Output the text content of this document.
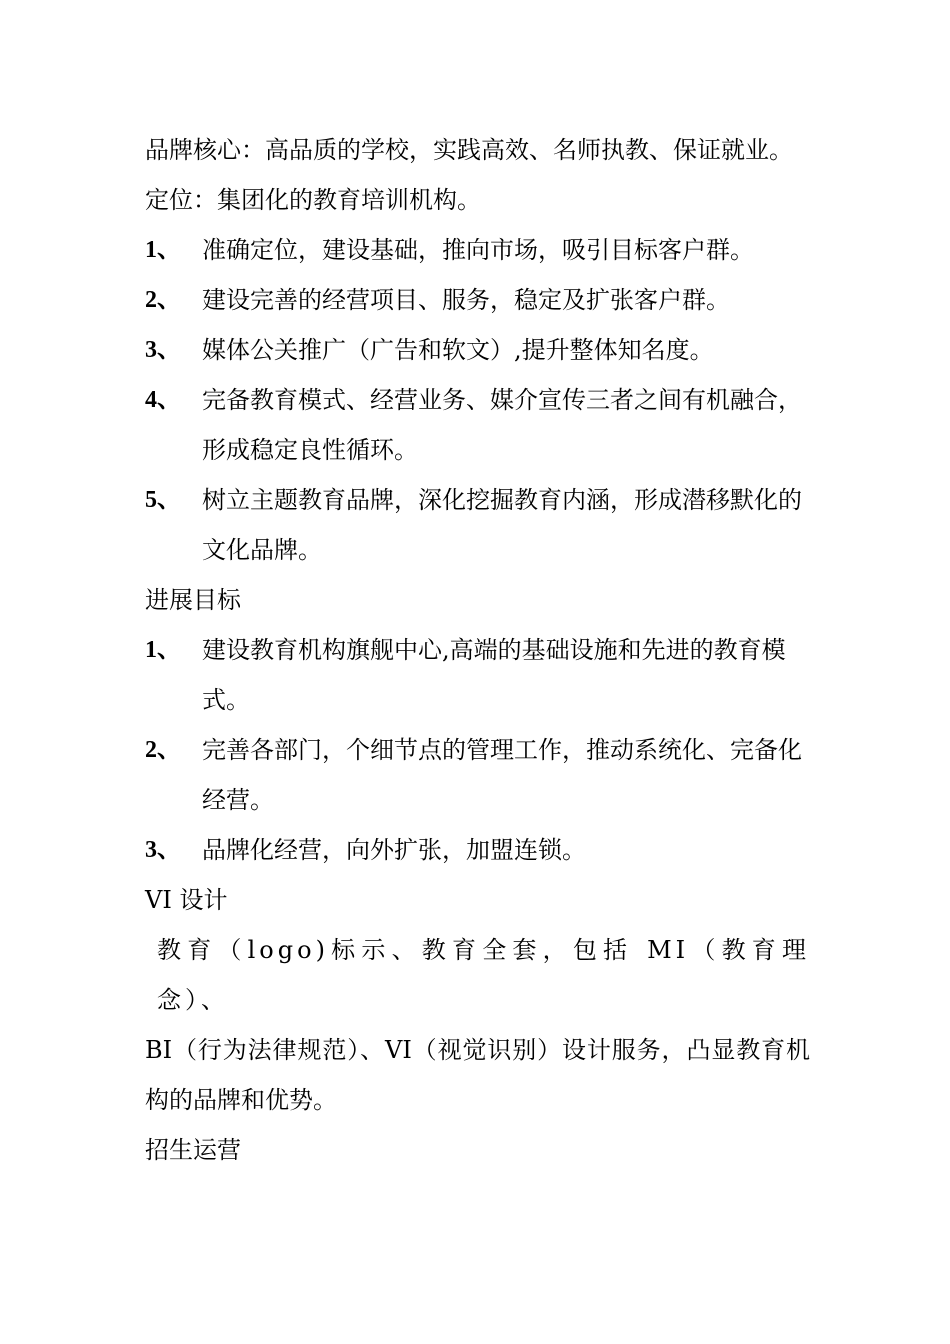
品牌核心：高品质的学校，实践高效、名师执教、保证就业。

定位：集团化的教育培训机构。

1、 准确定位，建设基础，推向市场，吸引目标客户群。
2、 建设完善的经营项目、服务，稳定及扩张客户群。
3、 媒体公关推广（广告和软文）,提升整体知名度。
4、 完备教育模式、经营业务、媒介宣传三者之间有机融合，形成稳定良性循环。
5、 树立主题教育品牌，深化挖掘教育内涵，形成潜移默化的文化品牌。

进展目标

1、 建设教育机构旗舰中心,高端的基础设施和先进的教育模式。
2、 完善各部门，个细节点的管理工作，推动系统化、完备化经营。
3、 品牌化经营，向外扩张，加盟连锁。

VI 设计

教育（logo)标示、教育全套，包括 MI（教育理念）、

BI（行为法律规范）、VI（视觉识别）设计服务，凸显教育机构的品牌和优势。

招生运营
